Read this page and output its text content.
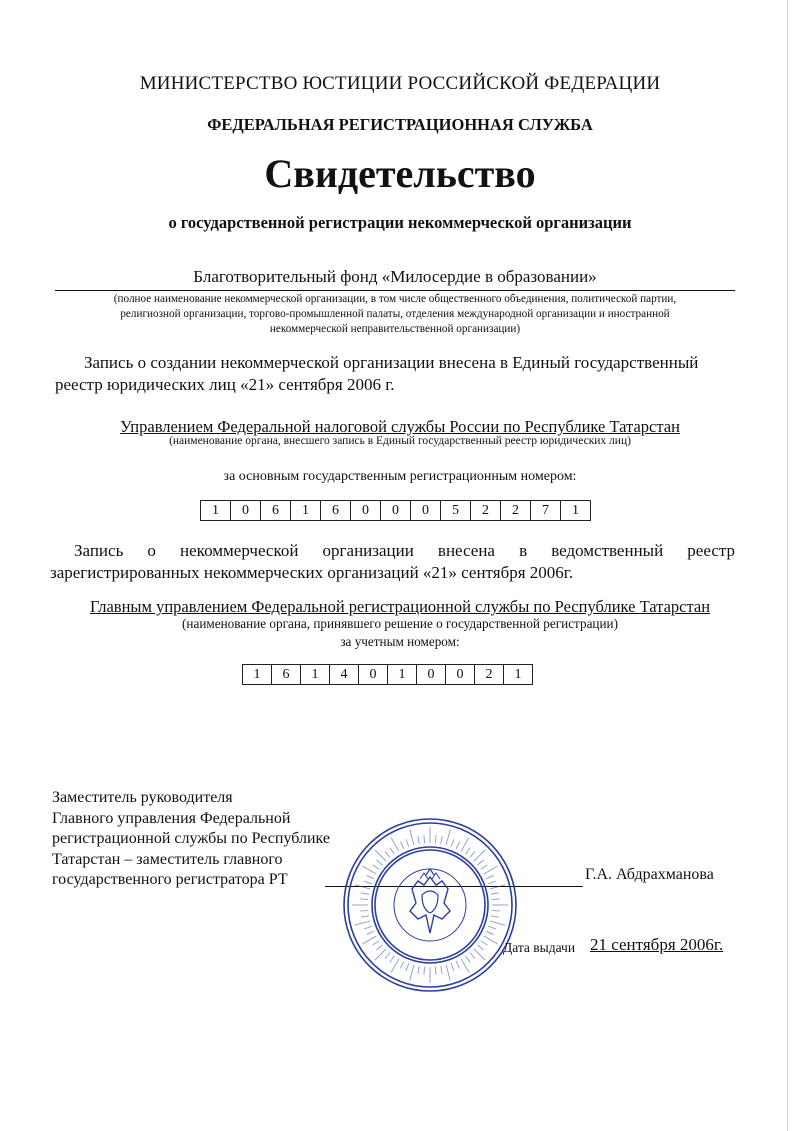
МИНИСТЕРСТВО ЮСТИЦИИ РОССИЙСКОЙ ФЕДЕРАЦИИ
ФЕДЕРАЛЬНАЯ РЕГИСТРАЦИОННАЯ СЛУЖБА
Свидетельство
о государственной регистрации некоммерческой организации
Благотворительный фонд «Милосердие в образовании»
(полное наименование некоммерческой организации, в том числе общественного объединения, политической партии,
религиозной организации, торгово-промышленной палаты, отделения международной организации и иностранной
некоммерческой неправительственной организации)
Запись о создании некоммерческой организации внесена в Единый государственный
реестр юридических лиц «21» сентября 2006 г.
Управлением Федеральной налоговой службы России по Республике Татарстан
(наименование органа, внесшего запись в Единый государственный реестр юридических лиц)
за основным государственным регистрационным номером:
1	0	6	1	6	0	0	0	5	2	2	7	1
Запись о некоммерческой организации внесена в ведомственный реестр
зарегистрированных некоммерческих организаций «21» сентября 2006г.
Главным управлением Федеральной регистрационной службы по Республике Татарстан
(наименование органа, принявшего решение о государственной регистрации)
за учетным номером:
1	6	1	4	0	1	0	0	2	1
Заместитель руководителя
Главного управления Федеральной
регистрационной службы по Республике
Татарстан – заместитель главного
государственного регистратора РТ	Г.А. Абдрахманова
Дата выдачи 21 сентября 2006г.
